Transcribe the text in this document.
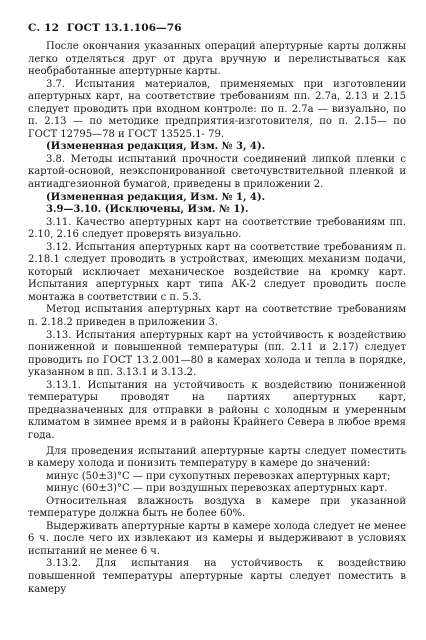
С. 12 ГОСТ 13.1.106—76

После окончания указанных операций апертурные карты должны легко отделяться друг от друга вручную и перелистываться как необработанные апертурные карты.

3.7. Испытания материалов, применяемых при изготовлении апертурных карт, на соответствие требованиям пп. 2.7а, 2.13 и 2.15 следует проводить при входном контроле: по п. 2.7а — визуально, по п. 2.13 — по методике предприятия-изготовителя, по п. 2.15— по ГОСТ 12795—78 и ГОСТ 13525.1- 79.

(Измененная редакция, Изм. № 3, 4).

3.8. Методы испытаний прочности соединений липкой пленки с картой-основой, неэкспонированной светочувствительной пленкой и антиадгезионной бумагой, приведены в приложении 2.

(Измененная редакция, Изм. № 1, 4).

3.9—3.10. (Исключены, Изм. № 1).

3.11. Качество апертурных карт на соответствие требованиям пп. 2.10, 2.16 следует проверять визуально.

3.12. Испытания апертурных карт на соответствие требованиям п. 2.18.1 следует проводить в устройствах, имеющих механизм подачи, который исключает механическое воздействие на кромку карт. Испытания апертурных карт типа АК-2 следует проводить после монтажа в соответствии с п. 5.3.

Метод испытания апертурных карт на соответствие требованиям п. 2.18.2 приведен в приложении 3.

3.13. Испытания апертурных карт на устойчивость к воздействию пониженной и повышенной температуры (пп. 2.11 и 2.17) следует проводить по ГОСТ 13.2.001—80 в камерах холода и тепла в порядке, указанном в пп. 3.13.1 и 3.13.2.

3.13.1. Испытания на устойчивость к воздействию пониженной температуры проводят на партиях апертурных карт, предназначенных для отправки в районы с холодным и умеренным климатом в зимнее время и в районы Крайнего Севера в любое время года.

Для проведения испытаний апертурные карты следует поместить в камеру холода и понизить температуру в камере до значений:

минус (50±3)°С — при сухопутных перевозках апертурных карт;

минус (60±3)°С — при воздушных перевозках апертурных карт.

Относительная влажность воздуха в камере при указанной температуре должна быть не более 60%.

Выдерживать апертурные карты в камере холода следует не менее 6 ч. после чего их извлекают из камеры и выдерживают в условиях испытаний не менее 6 ч.

3.13.2. Для испытания на устойчивость к воздействию повышенной температуры апертурные карты следует поместить в камеру
